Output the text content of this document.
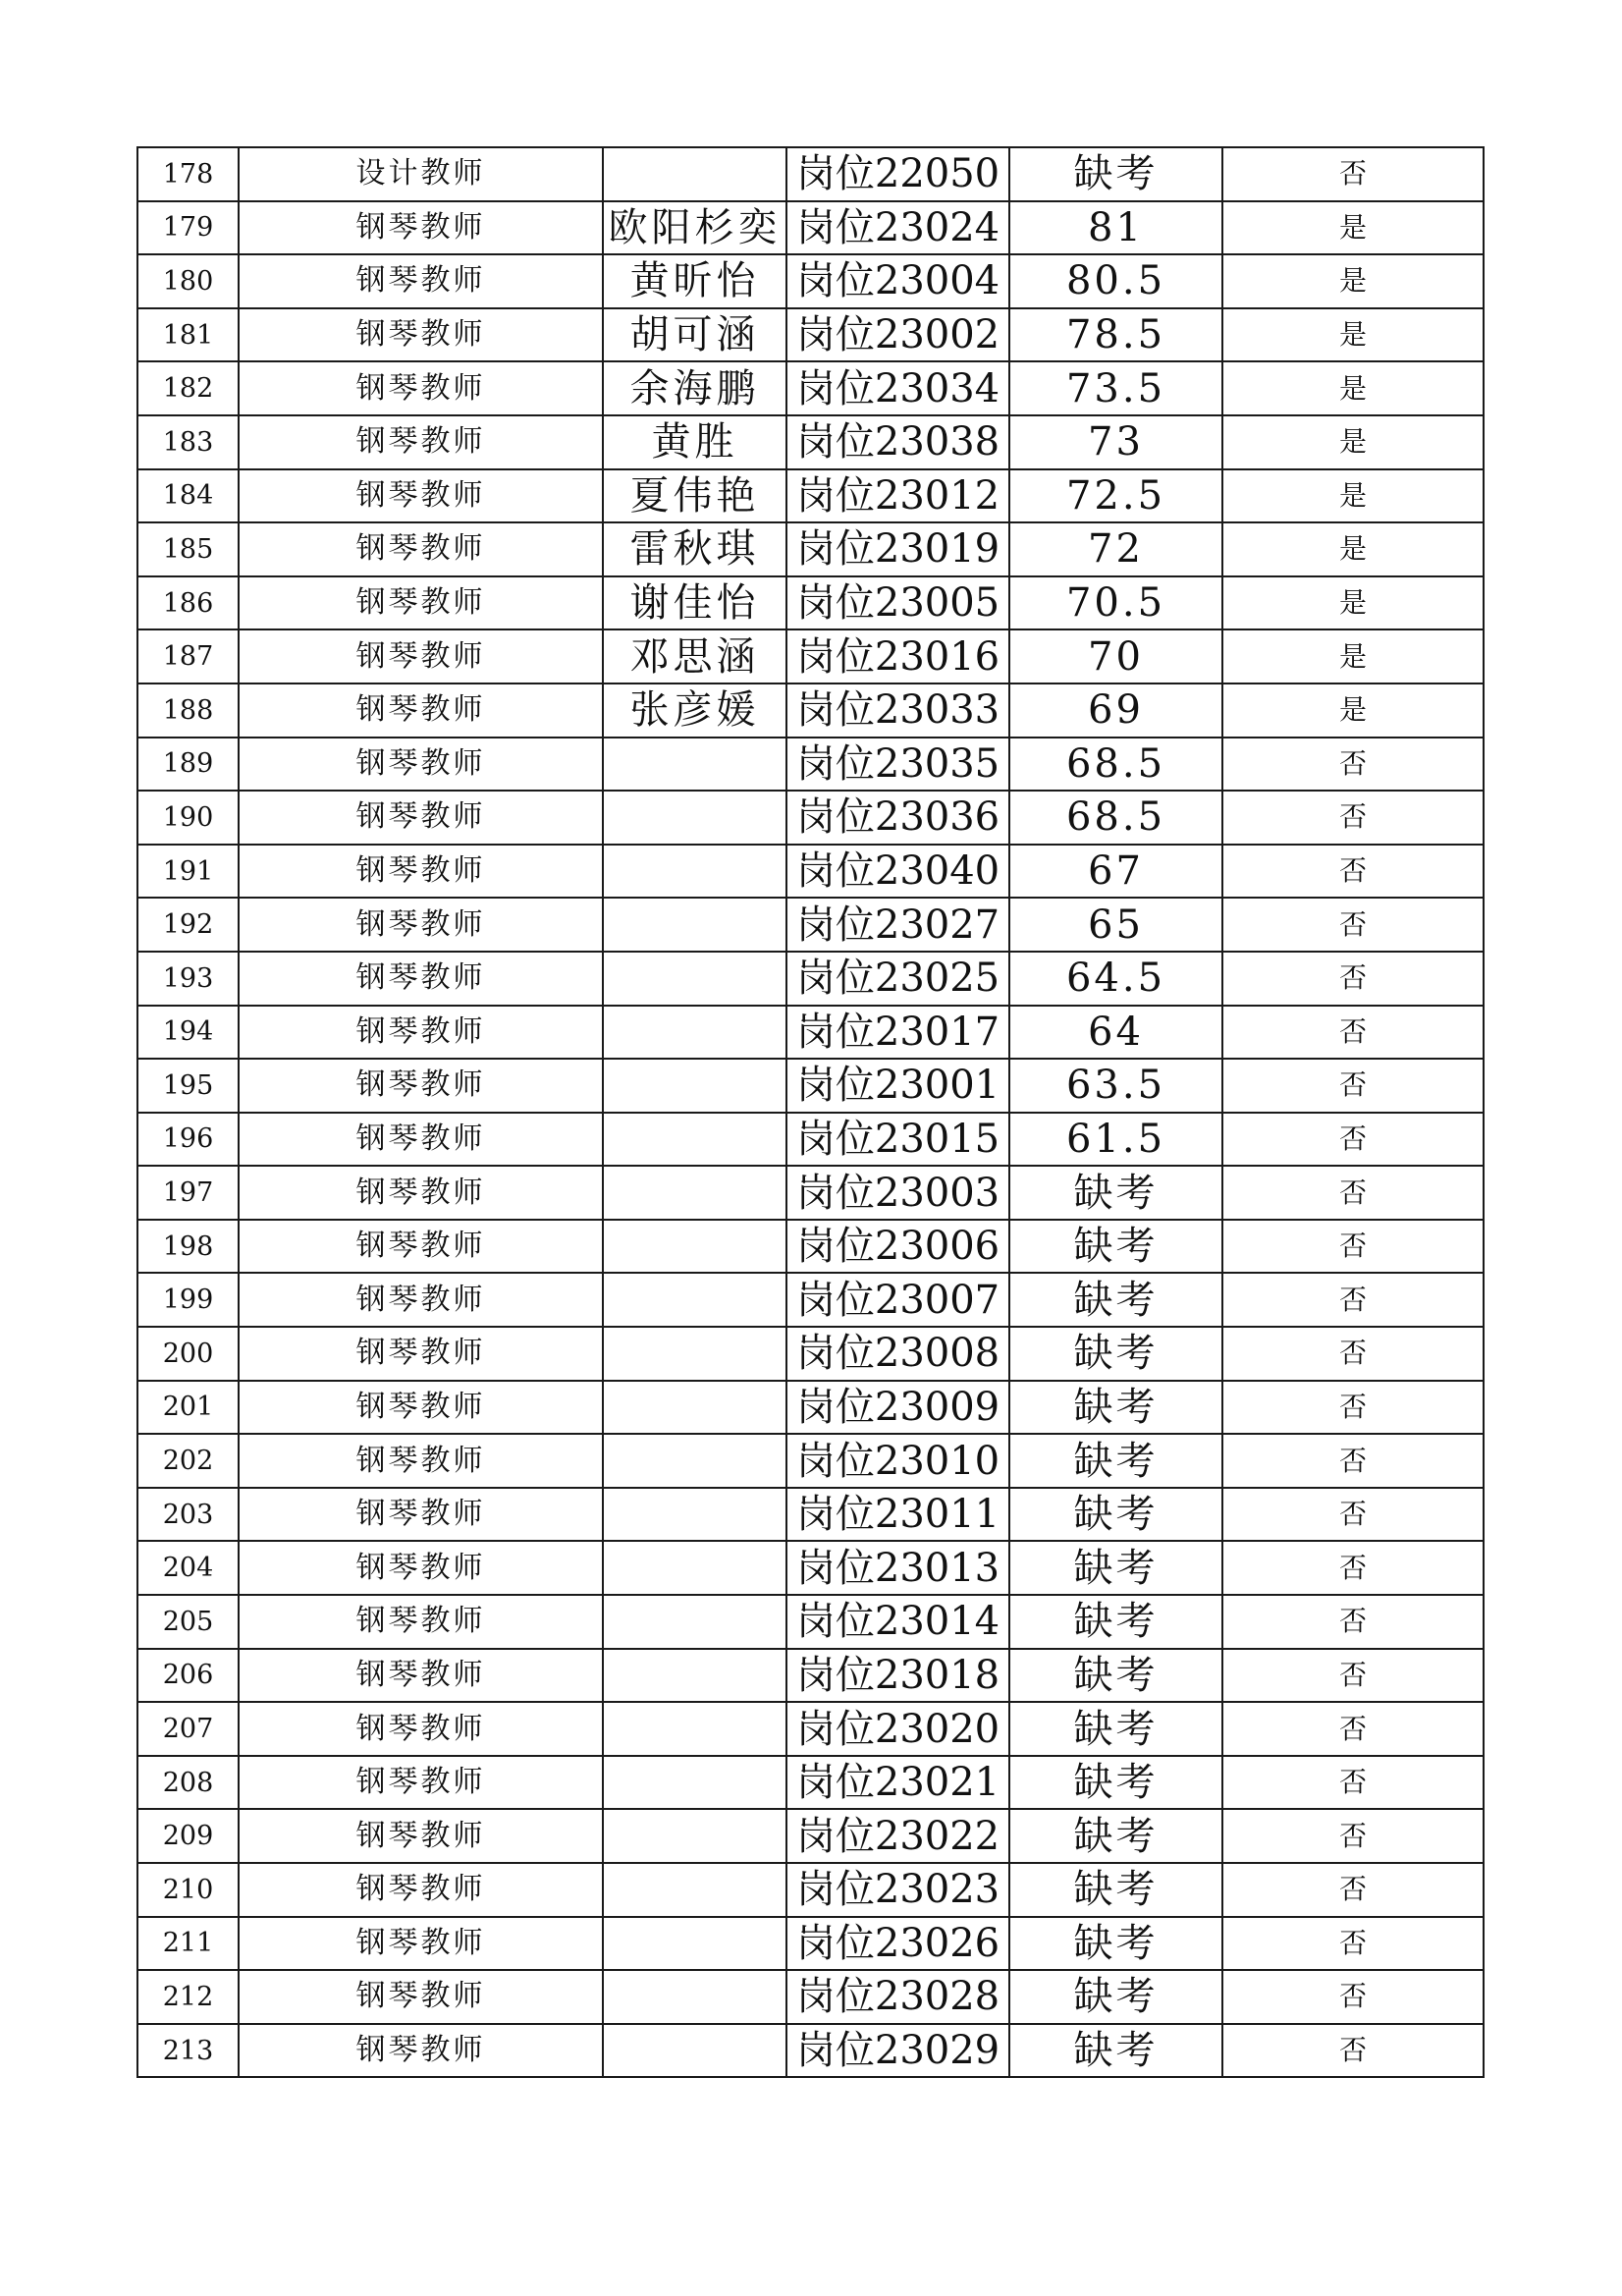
178	设计教师		岗位22050	缺考	否
179	钢琴教师	欧阳杉奕	岗位23024	81	是
180	钢琴教师	黄昕怡	岗位23004	80.5	是
181	钢琴教师	胡可涵	岗位23002	78.5	是
182	钢琴教师	余海鹏	岗位23034	73.5	是
183	钢琴教师	黄胜	岗位23038	73	是
184	钢琴教师	夏伟艳	岗位23012	72.5	是
185	钢琴教师	雷秋琪	岗位23019	72	是
186	钢琴教师	谢佳怡	岗位23005	70.5	是
187	钢琴教师	邓思涵	岗位23016	70	是
188	钢琴教师	张彦媛	岗位23033	69	是
189	钢琴教师		岗位23035	68.5	否
190	钢琴教师		岗位23036	68.5	否
191	钢琴教师		岗位23040	67	否
192	钢琴教师		岗位23027	65	否
193	钢琴教师		岗位23025	64.5	否
194	钢琴教师		岗位23017	64	否
195	钢琴教师		岗位23001	63.5	否
196	钢琴教师		岗位23015	61.5	否
197	钢琴教师		岗位23003	缺考	否
198	钢琴教师		岗位23006	缺考	否
199	钢琴教师		岗位23007	缺考	否
200	钢琴教师		岗位23008	缺考	否
201	钢琴教师		岗位23009	缺考	否
202	钢琴教师		岗位23010	缺考	否
203	钢琴教师		岗位23011	缺考	否
204	钢琴教师		岗位23013	缺考	否
205	钢琴教师		岗位23014	缺考	否
206	钢琴教师		岗位23018	缺考	否
207	钢琴教师		岗位23020	缺考	否
208	钢琴教师		岗位23021	缺考	否
209	钢琴教师		岗位23022	缺考	否
210	钢琴教师		岗位23023	缺考	否
211	钢琴教师		岗位23026	缺考	否
212	钢琴教师		岗位23028	缺考	否
213	钢琴教师		岗位23029	缺考	否
